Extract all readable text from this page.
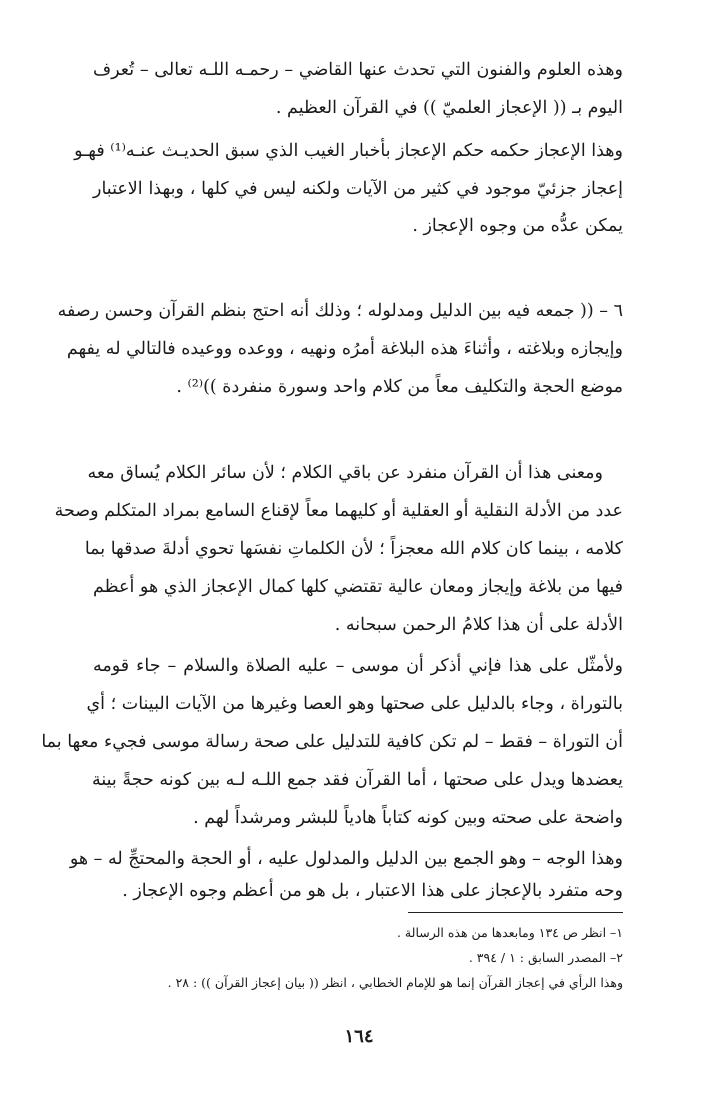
وهذه العلوم والفنون التي تحدث عنها القاضي – رحمـه اللـه تعالى – تُعرف
اليوم بـ (( الإعجاز العلميّ )) في القرآن العظيم .
وهذا الإعجاز حكمه حكم الإعجاز بأخبار الغيب الذي سبق الحديـث عنـه⁽¹⁾ فهـو
إعجاز جزئيّ موجود في كثير من الآيات ولكنه ليس في كلها ، وبهذا الاعتبار
يمكن عدُّه من وجوه الإعجاز .
٦ – (( جمعه فيه بين الدليل ومدلوله ؛ وذلك أنه احتج بنظم القرآن وحسن رصفه
وإيجازه وبلاغته ، وأثناءَ هذه البلاغة أمرُه ونهيه ، ووعده ووعيده فالتالي له يفهم
موضع الحجة والتكليف معاً من كلام واحد وسورة منفردة ))⁽²⁾ .
ومعنى هذا أن القرآن منفرد عن باقي الكلام ؛ لأن سائر الكلام يُساق معه
عدد من الأدلة النقلية أو العقلية أو كليهما معاً لإقناع السامع بمراد المتكلم وصحة
كلامه ، بينما كان كلام الله معجزاً ؛ لأن الكلماتِ نفسَها تحوي أدلةَ صدقها بما
فيها من بلاغة وإيجاز ومعان عالية تقتضي كلها كمال الإعجاز الذي هو أعظم
الأدلة على أن هذا كلامُ الرحمن سبحانه .
ولأمثّل على هذا فإني أذكر أن موسى – عليه الصلاة والسلام – جاء قومه
بالتوراة ، وجاء بالدليل على صحتها وهو العصا وغيرها من الآيات البينات ؛ أي
أن التوراة – فقط – لم تكن كافية للتدليل على صحة رسالة موسى فجيء معها بما
يعضدها ويدل على صحتها ، أما القرآن فقد جمع اللـه لـه بين كونه حجةً بينة
واضحة على صحته وبين كونه كتاباً هادياً للبشر ومرشداً لهم .
وهذا الوجه – وهو الجمع بين الدليل والمدلول عليه ، أو الحجة والمحتجِّ له – هو
وحه متفرد بالإعجاز على هذا الاعتبار ، بل هو من أعظم وجوه الإعجاز .
١– انظر ص ١٣٤ ومابعدها من هذه الرسالة .
٢– المصدر السابق : ١ / ٣٩٤ .
وهذا الرأي في إعجاز القرآن إنما هو للإمام الخطابي ، انظر (( بيان إعجاز القرآن )) : ٢٨ .
١٦٤
